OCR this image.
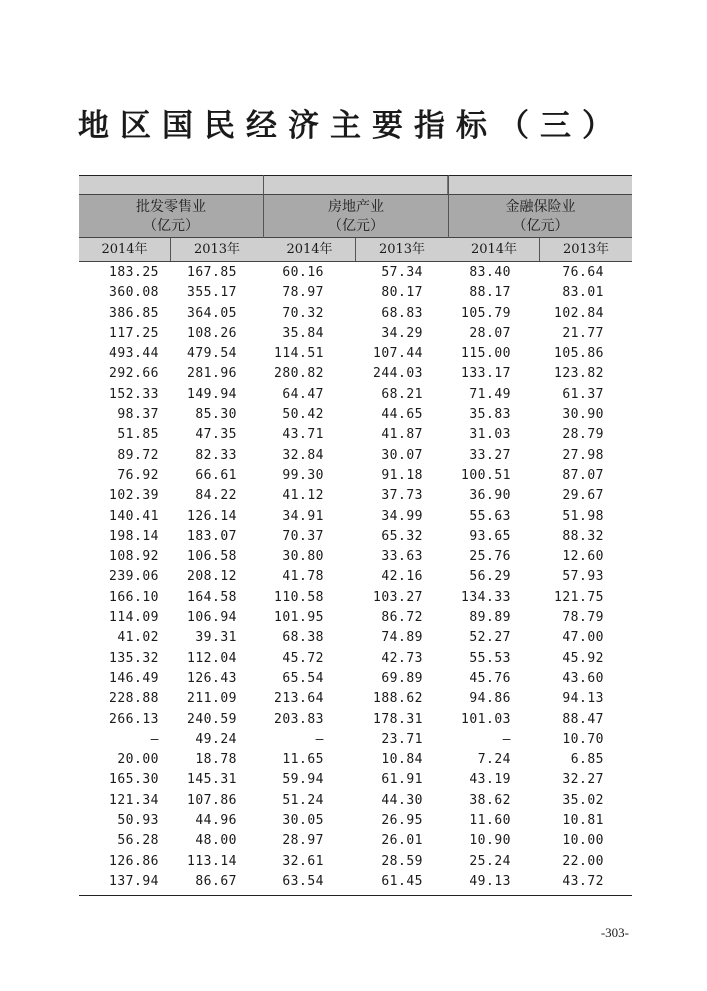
地区国民经济主要指标（三）
批发零售业
（亿元）
房地产业
（亿元）
金融保险业
（亿元）
2014年	2013年	2014年	2013年	2014年	2013年
183.25 167.85	60.16	57.34	83.40	76.64
360.08 355.17	78.97	80.17	88.17	83.01
386.85 364.05	70.32	68.83	105.79	102.84
117.25 108.26	35.84	34.29	28.07	21.77
493.44 479.54	114.51	107.44	115.00	105.86
292.66 281.96	280.82	244.03	133.17	123.82
152.33 149.94	64.47	68.21	71.49	61.37
98.37	85.30	50.42	44.65	35.83	30.90
51.85	47.35	43.71	41.87	31.03	28.79
89.72	82.33	32.84	30.07	33.27	27.98
76.92	66.61	99.30	91.18	100.51	87.07
102.39	84.22	41.12	37.73	36.90	29.67
140.41 126.14	34.91	34.99	55.63	51.98
198.14 183.07	70.37	65.32	93.65	88.32
108.92 106.58	30.80	33.63	25.76	12.60
239.06 208.12	41.78	42.16	56.29	57.93
166.10 164.58	110.58	103.27	134.33	121.75
114.09 106.94	101.95	86.72	89.89	78.79
41.02	39.31	68.38	74.89	52.27	47.00
135.32 112.04	45.72	42.73	55.53	45.92
146.49 126.43	65.54	69.89	45.76	43.60
228.88 211.09	213.64	188.62	94.86	94.13
266.13 240.59	203.83	178.31	101.03	88.47
—	49.24	—	23.71	—	10.70
20.00	18.78	11.65	10.84	7.24	6.85
165.30 145.31	59.94	61.91	43.19	32.27
121.34 107.86	51.24	44.30	38.62	35.02
50.93	44.96	30.05	26.95	11.60	10.81
56.28	48.00	28.97	26.01	10.90	10.00
126.86 113.14	32.61	28.59	25.24	22.00
137.94	86.67	63.54	61.45	49.13	43.72
-303-
